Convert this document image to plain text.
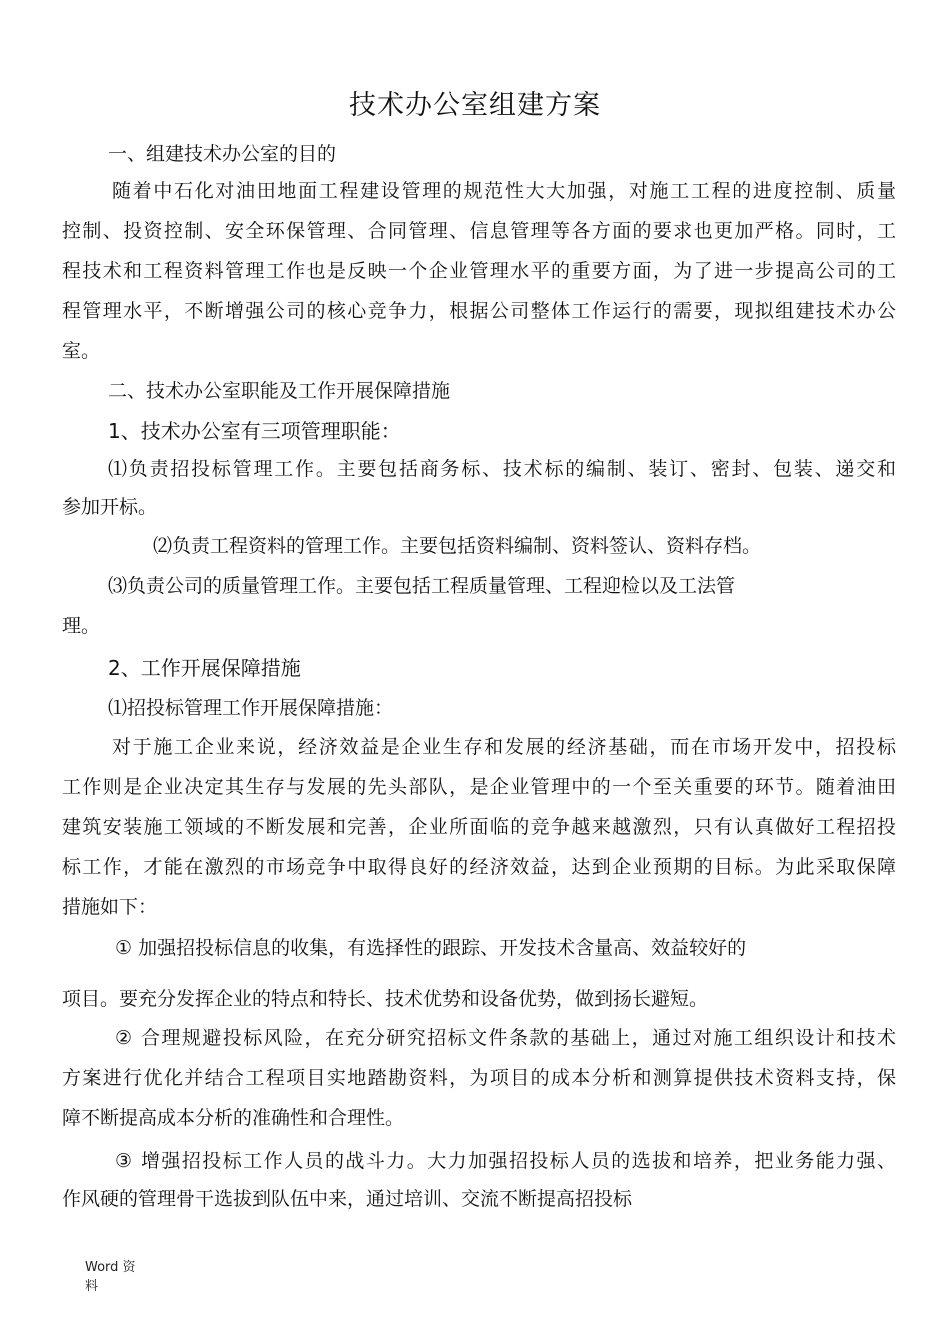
技术办公室组建方案

一、组建技术办公室的目的

随着中石化对油田地面工程建设管理的规范性大大加强，对施工工程的进度控制、质量

控制、投资控制、安全环保管理、合同管理、信息管理等各方面的要求也更加严格。同时，工

程技术和工程资料管理工作也是反映一个企业管理水平的重要方面，为了进一步提高公司的工

程管理水平，不断增强公司的核心竞争力，根据公司整体工作运行的需要，现拟组建技术办公

室。

二、技术办公室职能及工作开展保障措施

1、技术办公室有三项管理职能：

⑴负责招投标管理工作。主要包括商务标、技术标的编制、装订、密封、包装、递交和

参加开标。

⑵负责工程资料的管理工作。主要包括资料编制、资料签认、资料存档。

⑶负责公司的质量管理工作。主要包括工程质量管理、工程迎检以及工法管

理。

2、工作开展保障措施

⑴招投标管理工作开展保障措施：

对于施工企业来说，经济效益是企业生存和发展的经济基础，而在市场开发中，招投标

工作则是企业决定其生存与发展的先头部队，是企业管理中的一个至关重要的环节。随着油田

建筑安装施工领域的不断发展和完善，企业所面临的竞争越来越激烈，只有认真做好工程招投

标工作，才能在激烈的市场竞争中取得良好的经济效益，达到企业预期的目标。为此采取保障

措施如下：

① 加强招投标信息的收集，有选择性的跟踪、开发技术含量高、效益较好的

项目。要充分发挥企业的特点和特长、技术优势和设备优势，做到扬长避短。

② 合理规避投标风险，在充分研究招标文件条款的基础上，通过对施工组织设计和技术

方案进行优化并结合工程项目实地踏勘资料，为项目的成本分析和测算提供技术资料支持，保

障不断提高成本分析的准确性和合理性。

③ 增强招投标工作人员的战斗力。大力加强招投标人员的选拔和培养，把业务能力强、

作风硬的管理骨干选拔到队伍中来，通过培训、交流不断提高招投标

Word 资料
